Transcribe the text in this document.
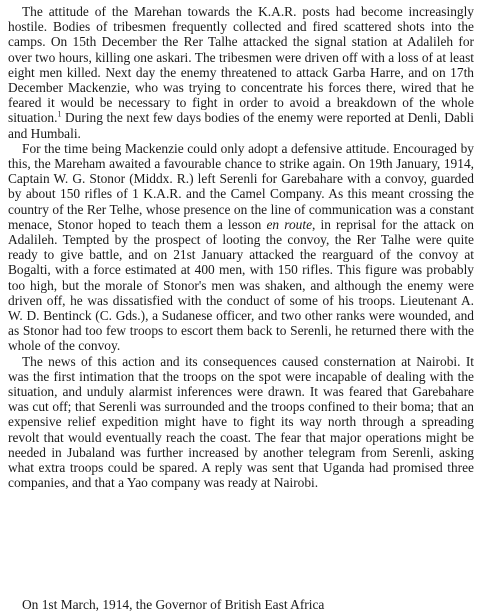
The attitude of the Marehan towards the K.A.R. posts had become increasingly hostile. Bodies of tribesmen frequently collected and fired scattered shots into the camps. On 15th December the Rer Talhe attacked the signal station at Adalileh for over two hours, killing one askari. The tribesmen were driven off with a loss of at least eight men killed. Next day the enemy threatened to attack Garba Harre, and on 17th December Mackenzie, who was trying to concentrate his forces there, wired that he feared it would be necessary to fight in order to avoid a breakdown of the whole situation.$^1$ During the next few days bodies of the enemy were reported at Denli, Dabli and Humbali.

For the time being Mackenzie could only adopt a defensive attitude. Encouraged by this, the Mareham awaited a favourable chance to strike again. On 19th January, 1914, Captain W. G. Stonor (Middx. R.) left Serenli for Garebahare with a convoy, guarded by about 150 rifles of 1 K.A.R. and the Camel Company. As this meant crossing the country of the Rer Telhe, whose presence on the line of communication was a constant menace, Stonor hoped to teach them a lesson en route, in reprisal for the attack on Adalileh. Tempted by the prospect of looting the convoy, the Rer Talhe were quite ready to give battle, and on 21st January attacked the rearguard of the convoy at Bogalti, with a force estimated at 400 men, with 150 rifles. This figure was probably too high, but the morale of Stonor's men was shaken, and although the enemy were driven off, he was dissatisfied with the conduct of some of his troops. Lieutenant A. W. D. Bentinck (C. Gds.), a Sudanese officer, and two other ranks were wounded, and as Stonor had too few troops to escort them back to Serenli, he returned there with the whole of the convoy.

The news of this action and its consequences caused consternation at Nairobi. It was the first intimation that the troops on the spot were incapable of dealing with the situation, and unduly alarmist inferences were drawn. It was feared that Garebahare was cut off; that Serenli was surrounded and the troops confined to their boma; that an expensive relief expedition might have to fight its way north through a spreading revolt that would eventually reach the coast. The fear that major operations might be needed in Jubaland was further increased by another telegram from Serenli, asking what extra troops could be spared. A reply was sent that Uganda had promised three companies, and that a Yao company was ready at Nairobi.

On 1st March, 1914, the Governor of British East Africa
